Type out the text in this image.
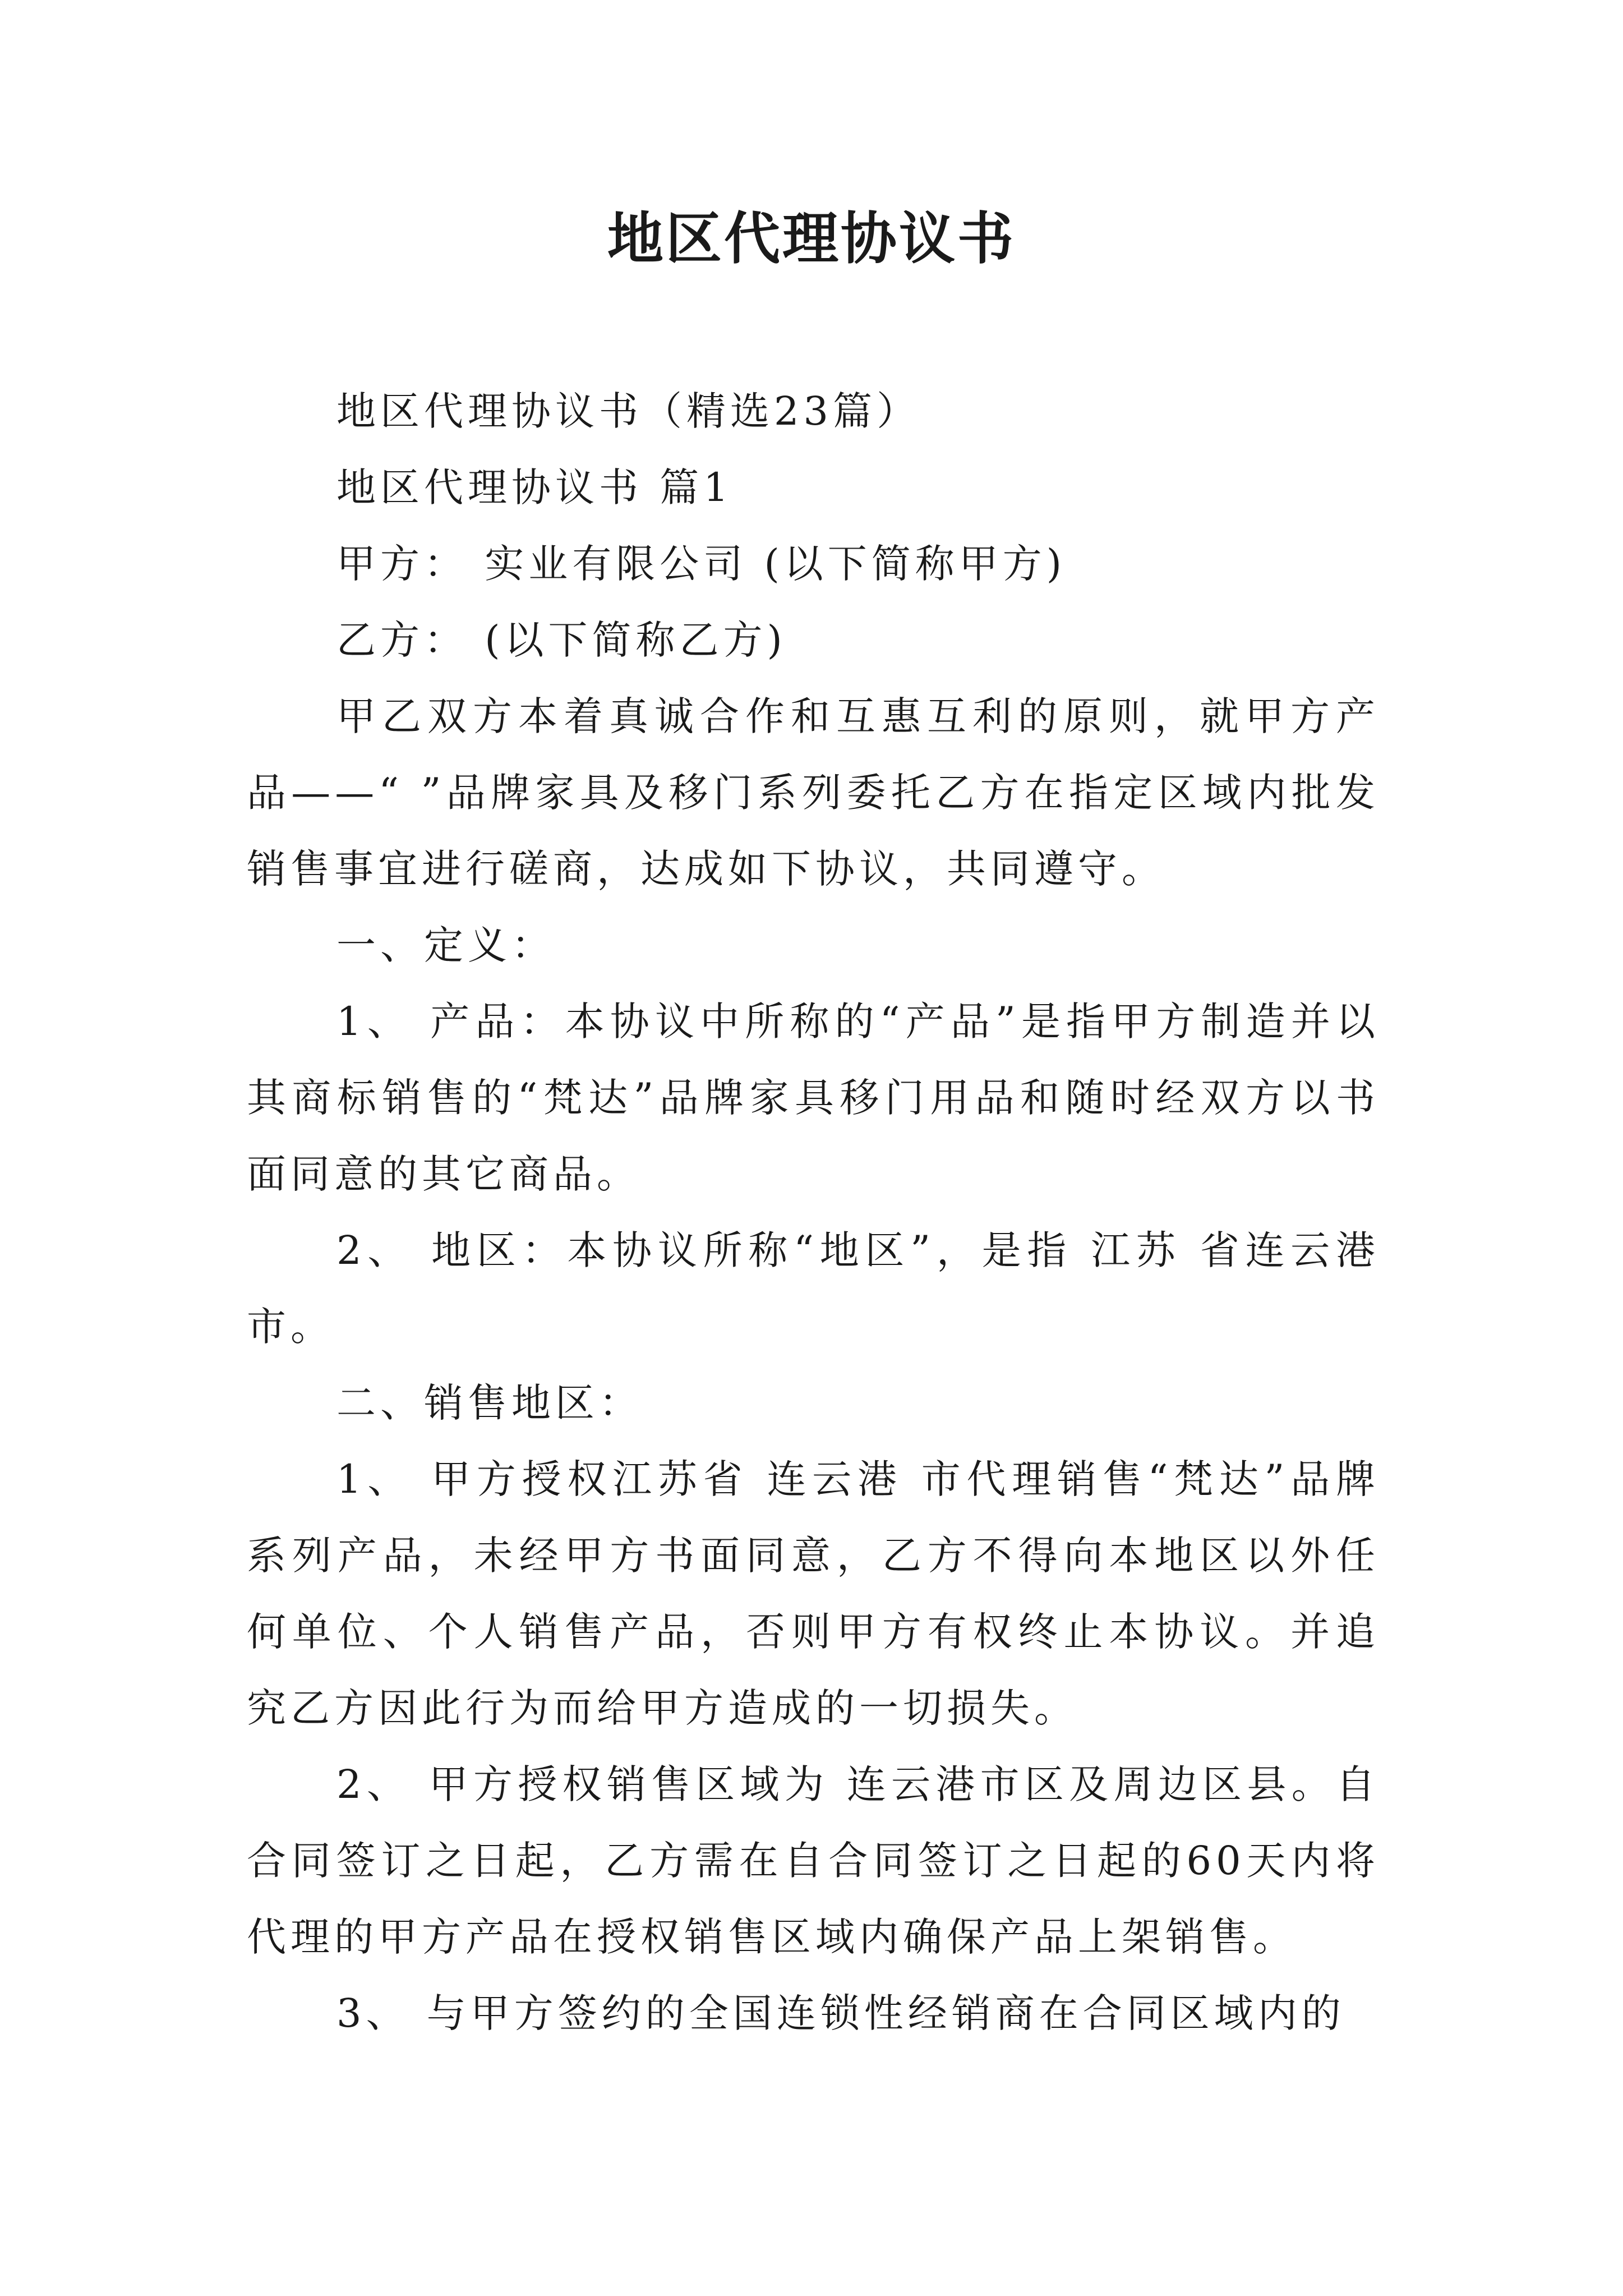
地区代理协议书

地区代理协议书（精选23篇）

地区代理协议书 篇1

甲方： 实业有限公司 (以下简称甲方)

乙方： (以下简称乙方)

甲乙双方本着真诚合作和互惠互利的原则，就甲方产品——“ ”品牌家具及移门系列委托乙方在指定区域内批发销售事宜进行磋商，达成如下协议，共同遵守。

一、定义：

1、 产品：本协议中所称的“产品”是指甲方制造并以其商标销售的“梵达”品牌家具移门用品和随时经双方以书面同意的其它商品。

2、 地区：本协议所称“地区”，是指 江苏 省连云港市。

二、销售地区：

1、 甲方授权江苏省 连云港 市代理销售“梵达”品牌系列产品，未经甲方书面同意，乙方不得向本地区以外任何单位、个人销售产品，否则甲方有权终止本协议。并追究乙方因此行为而给甲方造成的一切损失。

2、 甲方授权销售区域为 连云港市区及周边区县。自合同签订之日起，乙方需在自合同签订之日起的60天内将代理的甲方产品在授权销售区域内确保产品上架销售。

3、 与甲方签约的全国连锁性经销商在合同区域内的
